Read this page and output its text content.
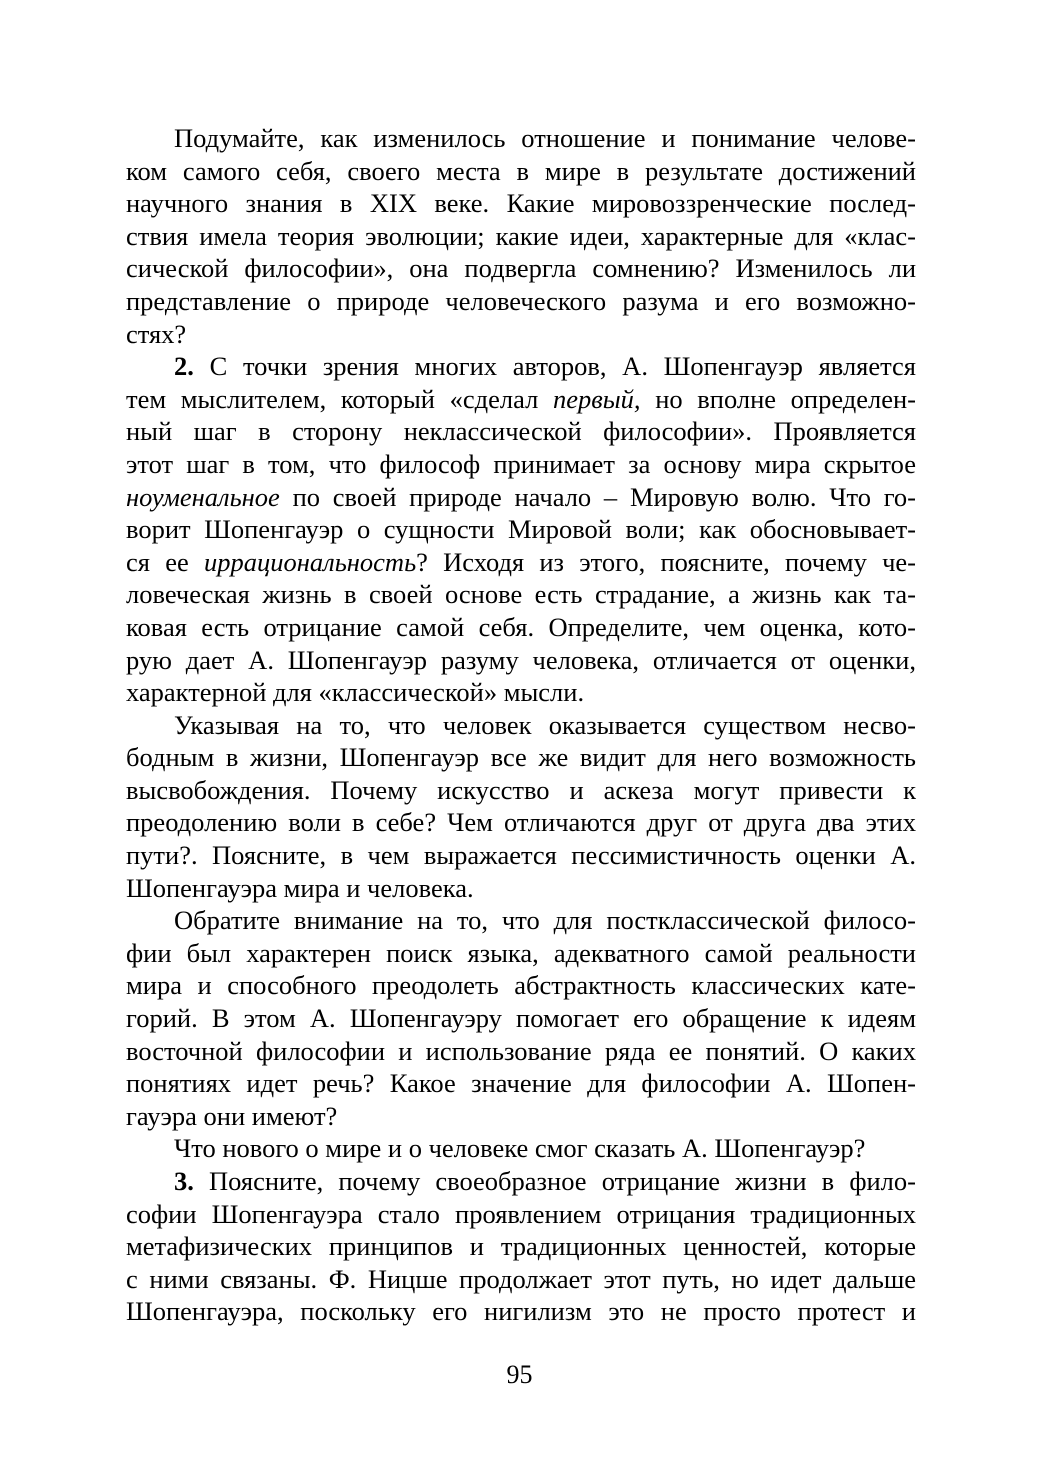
Подумайте, как изменилось отношение и понимание челове-
ком самого себя, своего места в мире в результате достижений
научного знания в XIX веке. Какие мировоззренческие послед-
ствия имела теория эволюции; какие идеи, характерные для «клас-
сической философии», она подвергла сомнению? Изменилось ли
представление о природе человеческого разума и его возможно-
стях?
2. С точки зрения многих авторов, А. Шопенгауэр является
тем мыслителем, который «сделал первый, но вполне определен-
ный шаг в сторону неклассической философии». Проявляется
этот шаг в том, что философ принимает за основу мира скрытое
ноуменальное по своей природе начало – Мировую волю. Что го-
ворит Шопенгауэр о сущности Мировой воли; как обосновывает-
ся ее иррациональность? Исходя из этого, поясните, почему че-
ловеческая жизнь в своей основе есть страдание, а жизнь как та-
ковая есть отрицание самой себя. Определите, чем оценка, кото-
рую дает А. Шопенгауэр разуму человека, отличается от оценки,
характерной для «классической» мысли.
Указывая на то, что человек оказывается существом несво-
бодным в жизни, Шопенгауэр все же видит для него возможность
высвобождения. Почему искусство и аскеза могут привести к
преодолению воли в себе? Чем отличаются друг от друга два этих
пути?. Поясните, в чем выражается пессимистичность оценки А.
Шопенгауэра мира и человека.
Обратите внимание на то, что для постклассической филосо-
фии был характерен поиск языка, адекватного самой реальности
мира и способного преодолеть абстрактность классических кате-
горий. В этом А. Шопенгауэру помогает его обращение к идеям
восточной философии и использование ряда ее понятий. О каких
понятиях идет речь? Какое значение для философии А. Шопен-
гауэра они имеют?
Что нового о мире и о человеке смог сказать А. Шопенгауэр?
3. Поясните, почему своеобразное отрицание жизни в фило-
софии Шопенгауэра стало проявлением отрицания традиционных
метафизических принципов и традиционных ценностей, которые
с ними связаны. Ф. Ницше продолжает этот путь, но идет дальше
Шопенгауэра, поскольку его нигилизм это не просто протест и
95
